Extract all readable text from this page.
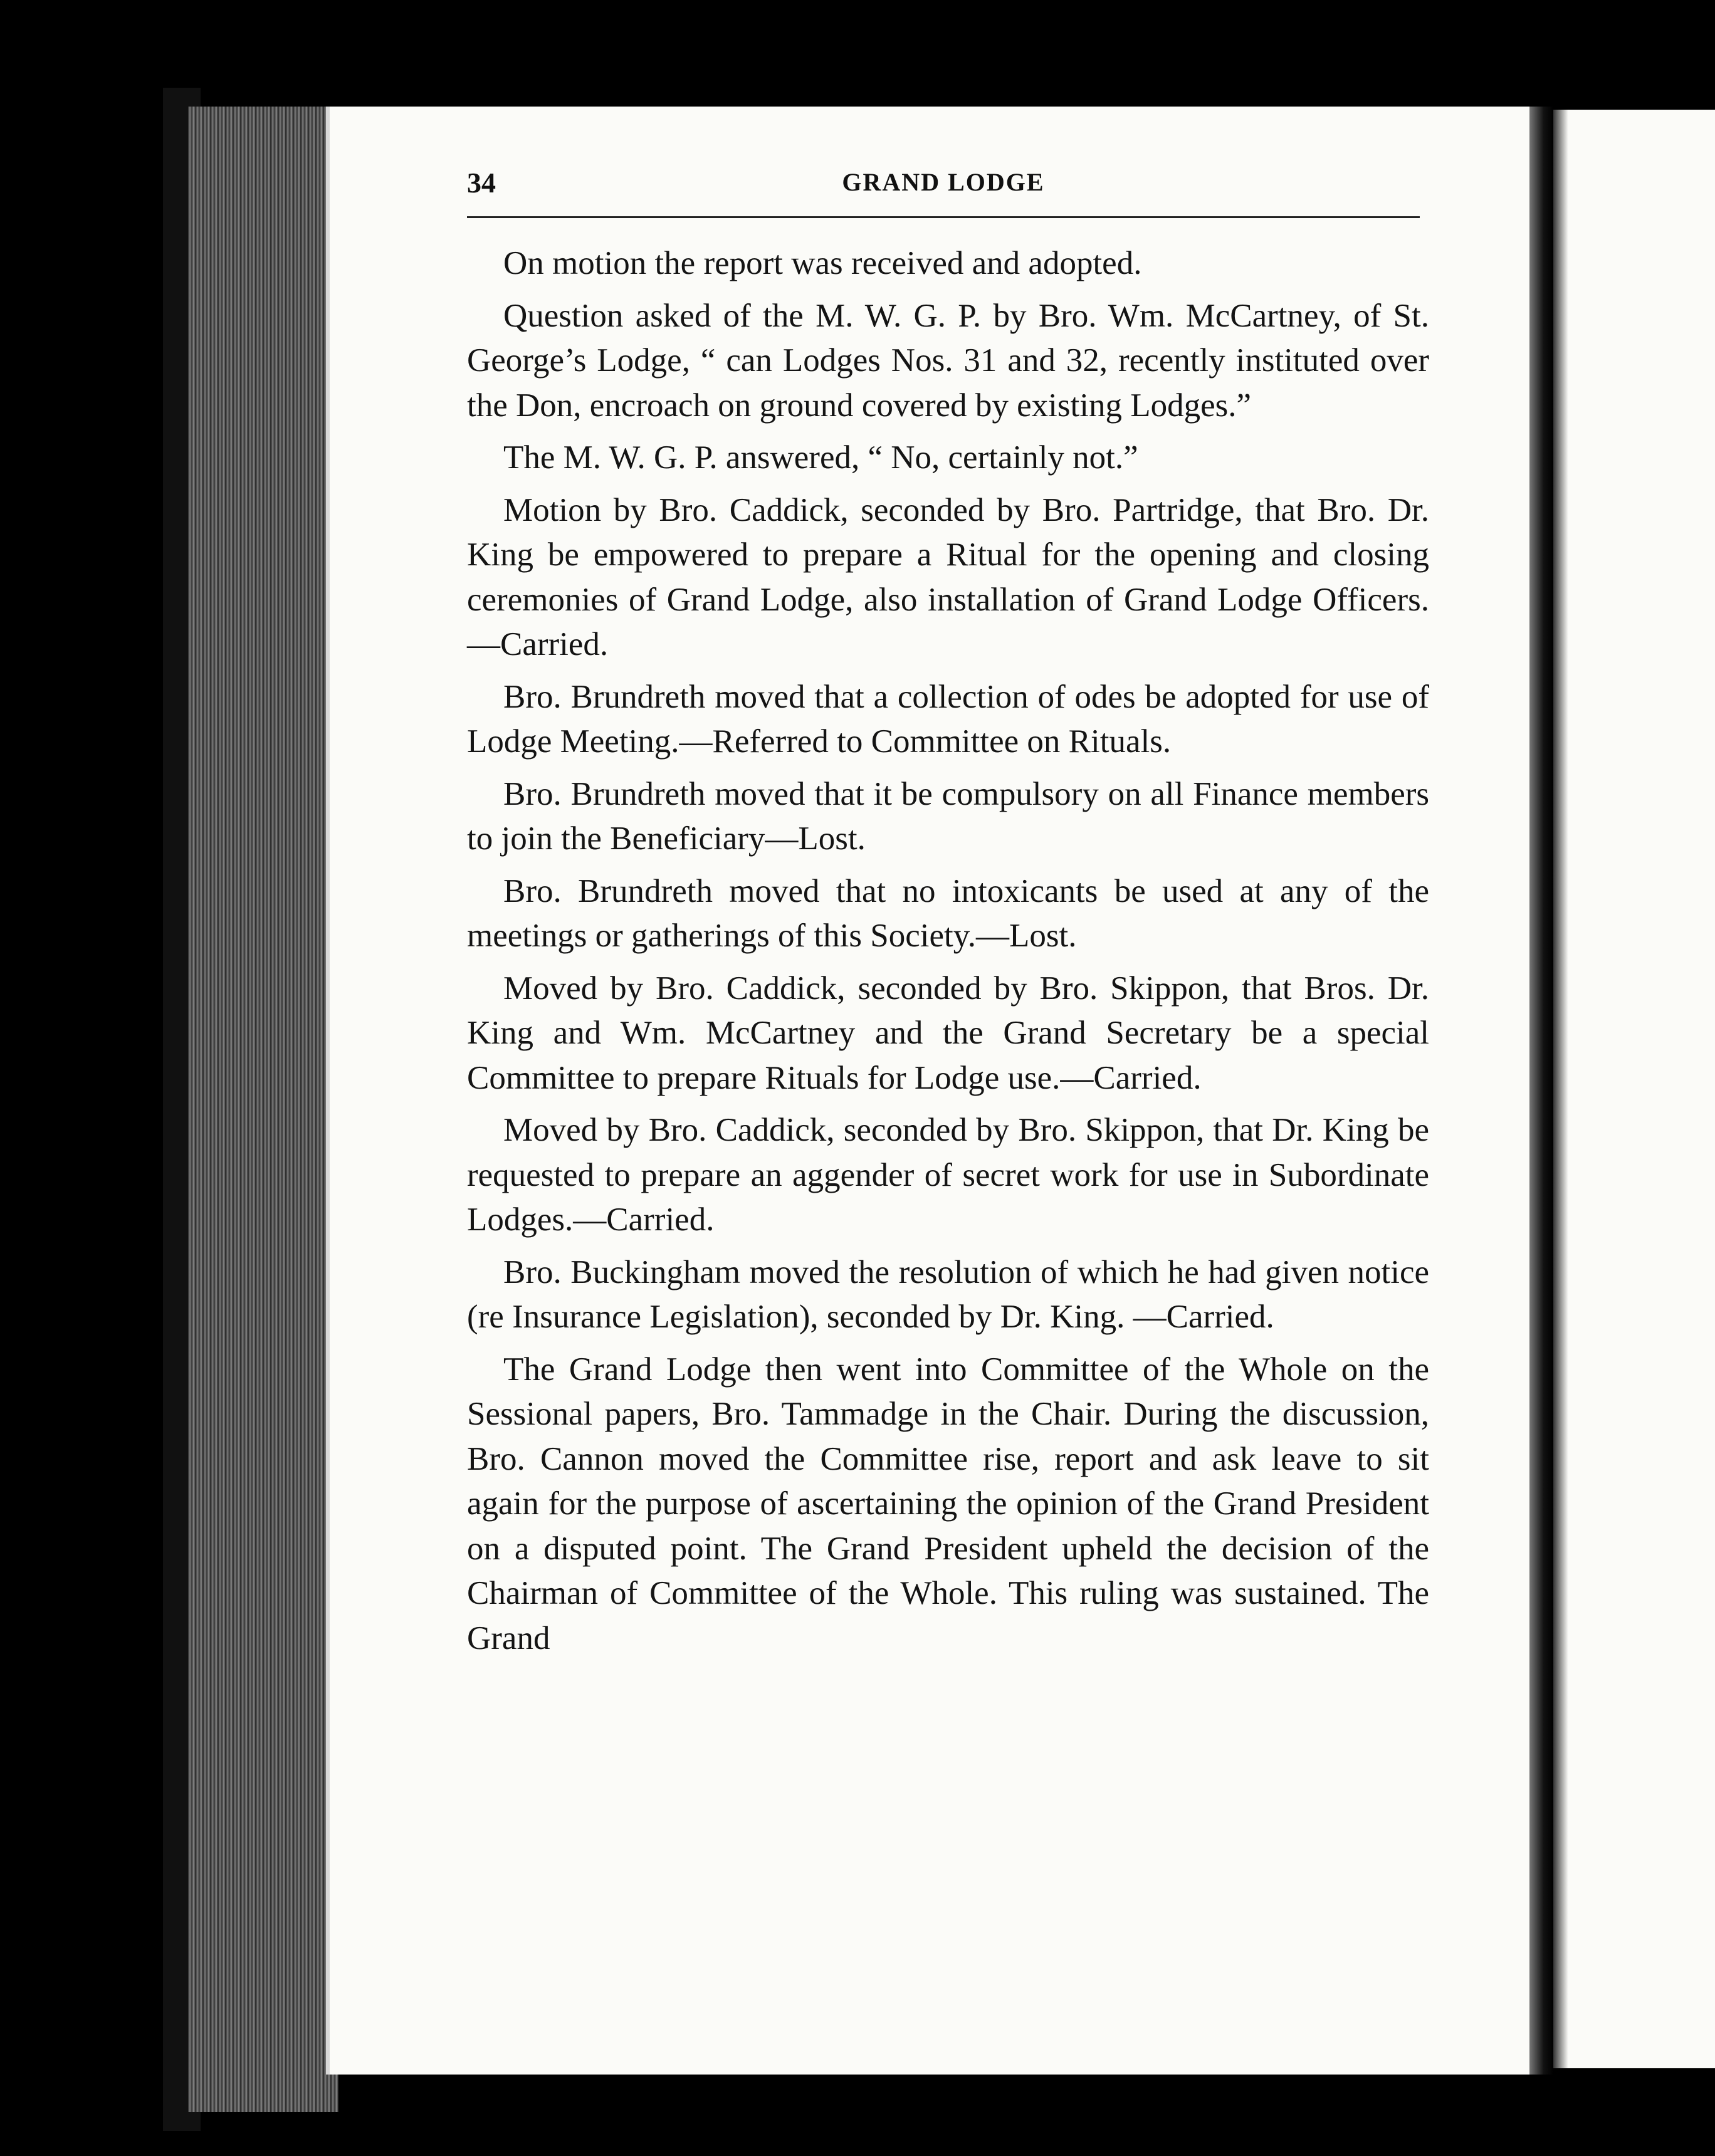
34	GRAND LODGE

On motion the report was received and adopted.

Question asked of the M. W. G. P. by Bro. Wm. McCartney, of St. George’s Lodge, “ can Lodges Nos. 31 and 32, recently instituted over the Don, encroach on ground covered by existing Lodges.”

The M. W. G. P. answered, “ No, certainly not.”

Motion by Bro. Caddick, seconded by Bro. Partridge, that Bro. Dr. King be empowered to prepare a Ritual for the opening and closing ceremonies of Grand Lodge, also installation of Grand Lodge Officers.—Carried.

Bro. Brundreth moved that a collection of odes be adopted for use of Lodge Meeting.—Referred to Committee on Rituals.

Bro. Brundreth moved that it be compulsory on all Finance members to join the Beneficiary—Lost.

Bro. Brundreth moved that no intoxicants be used at any of the meetings or gatherings of this Society.—Lost.

Moved by Bro. Caddick, seconded by Bro. Skippon, that Bros. Dr. King and Wm. McCartney and the Grand Secretary be a special Committee to prepare Rituals for Lodge use.—Carried.

Moved by Bro. Caddick, seconded by Bro. Skippon, that Dr. King be requested to prepare an aggender of secret work for use in Subordinate Lodges.—Carried.

Bro. Buckingham moved the resolution of which he had given notice (re Insurance Legislation), seconded by Dr. King. —Carried.

The Grand Lodge then went into Committee of the Whole on the Sessional papers, Bro. Tammadge in the Chair. During the discussion, Bro. Cannon moved the Committee rise, report and ask leave to sit again for the purpose of ascertaining the opinion of the Grand President on a disputed point. The Grand President upheld the decision of the Chairman of Committee of the Whole. This ruling was sustained. The Grand
